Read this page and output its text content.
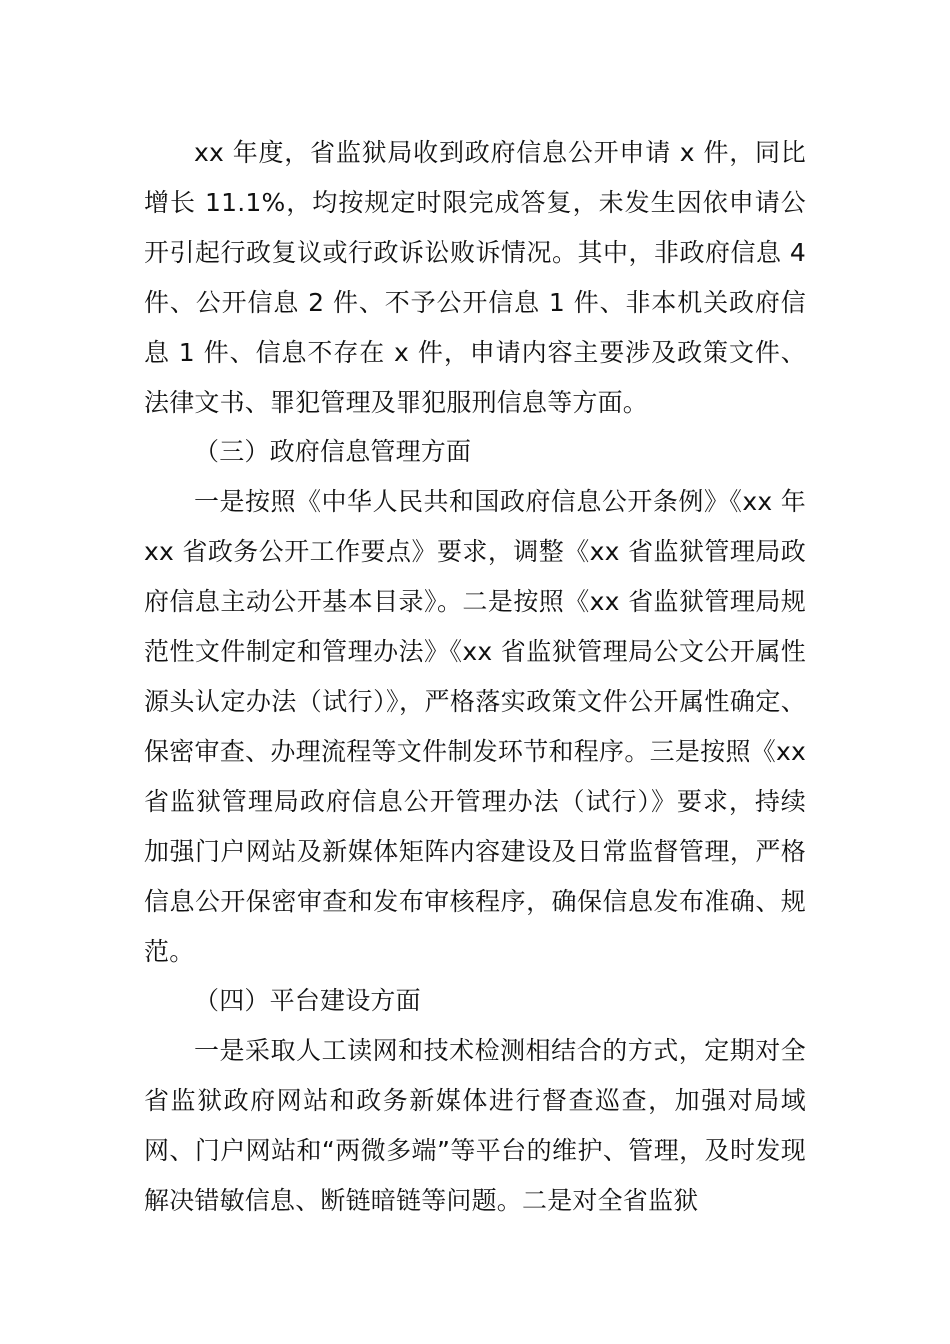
xx 年度，省监狱局收到政府信息公开申请 x 件，同比增长 11.1%，均按规定时限完成答复，未发生因依申请公开引起行政复议或行政诉讼败诉情况。其中，非政府信息 4 件、公开信息 2 件、不予公开信息 1 件、非本机关政府信息 1 件、信息不存在 x 件，申请内容主要涉及政策文件、法律文书、罪犯管理及罪犯服刑信息等方面。

（三）政府信息管理方面

一是按照《中华人民共和国政府信息公开条例》《xx 年 xx 省政务公开工作要点》要求，调整《xx 省监狱管理局政府信息主动公开基本目录》。二是按照《xx 省监狱管理局规范性文件制定和管理办法》《xx 省监狱管理局公文公开属性源头认定办法（试行）》，严格落实政策文件公开属性确定、保密审查、办理流程等文件制发环节和程序。三是按照《xx 省监狱管理局政府信息公开管理办法（试行）》要求，持续加强门户网站及新媒体矩阵内容建设及日常监督管理，严格信息公开保密审查和发布审核程序，确保信息发布准确、规范。

（四）平台建设方面

一是采取人工读网和技术检测相结合的方式，定期对全省监狱政府网站和政务新媒体进行督查巡查，加强对局域网、门户网站和“两微多端”等平台的维护、管理，及时发现解决错敏信息、断链暗链等问题。二是对全省监狱
